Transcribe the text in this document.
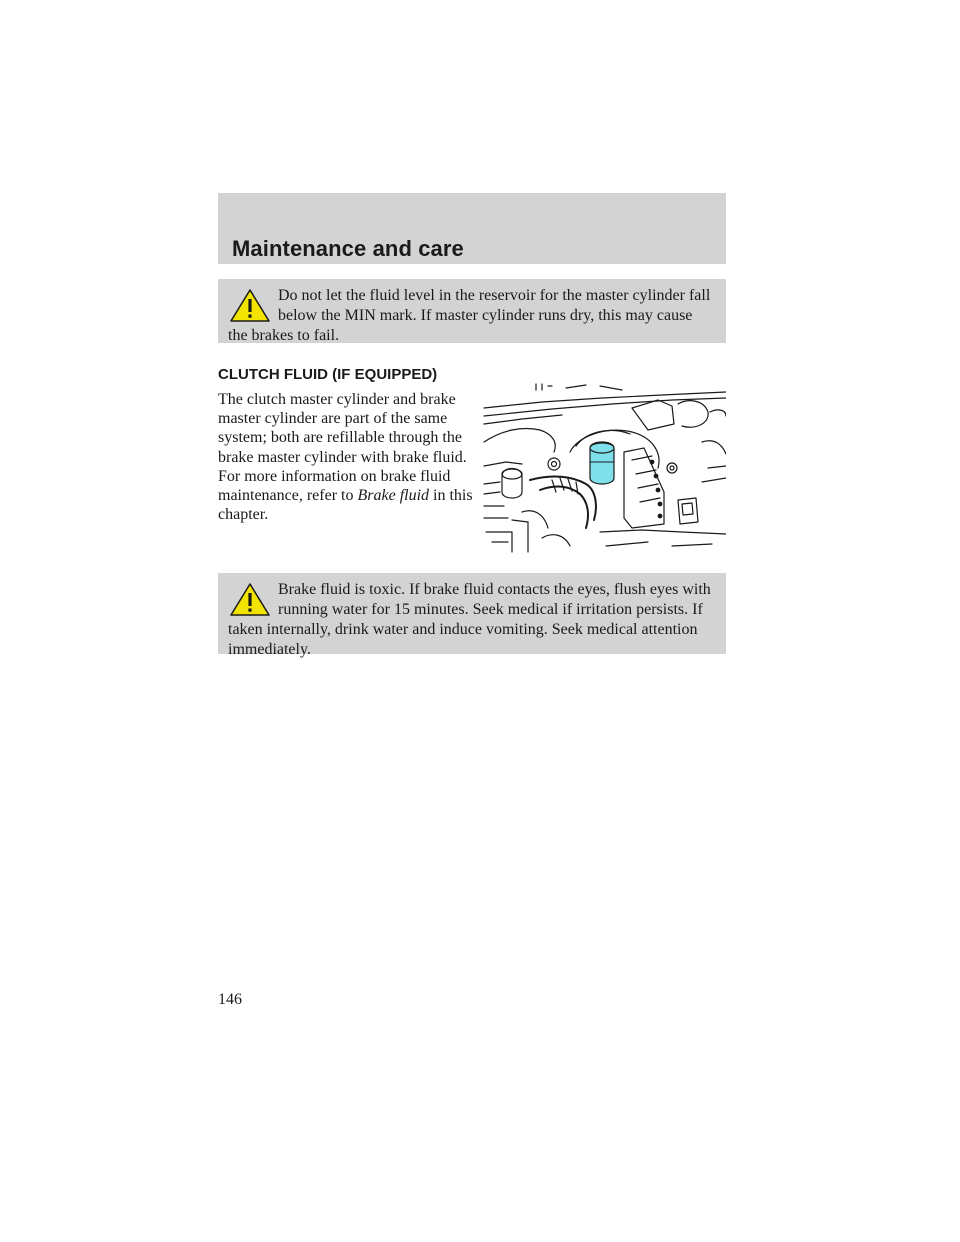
Maintenance and care
Do not let the fluid level in the reservoir for the master cylinder fall below the MIN mark. If master cylinder runs dry, this may cause the brakes to fail.
CLUTCH FLUID (IF EQUIPPED)

The clutch master cylinder and brake master cylinder are part of the same system; both are refillable through the brake master cylinder with brake fluid. For more information on brake fluid maintenance, refer to Brake fluid in this chapter.

Brake fluid is toxic. If brake fluid contacts the eyes, flush eyes with running water for 15 minutes. Seek medical if irritation persists. If taken internally, drink water and induce vomiting. Seek medical attention immediately.
146
